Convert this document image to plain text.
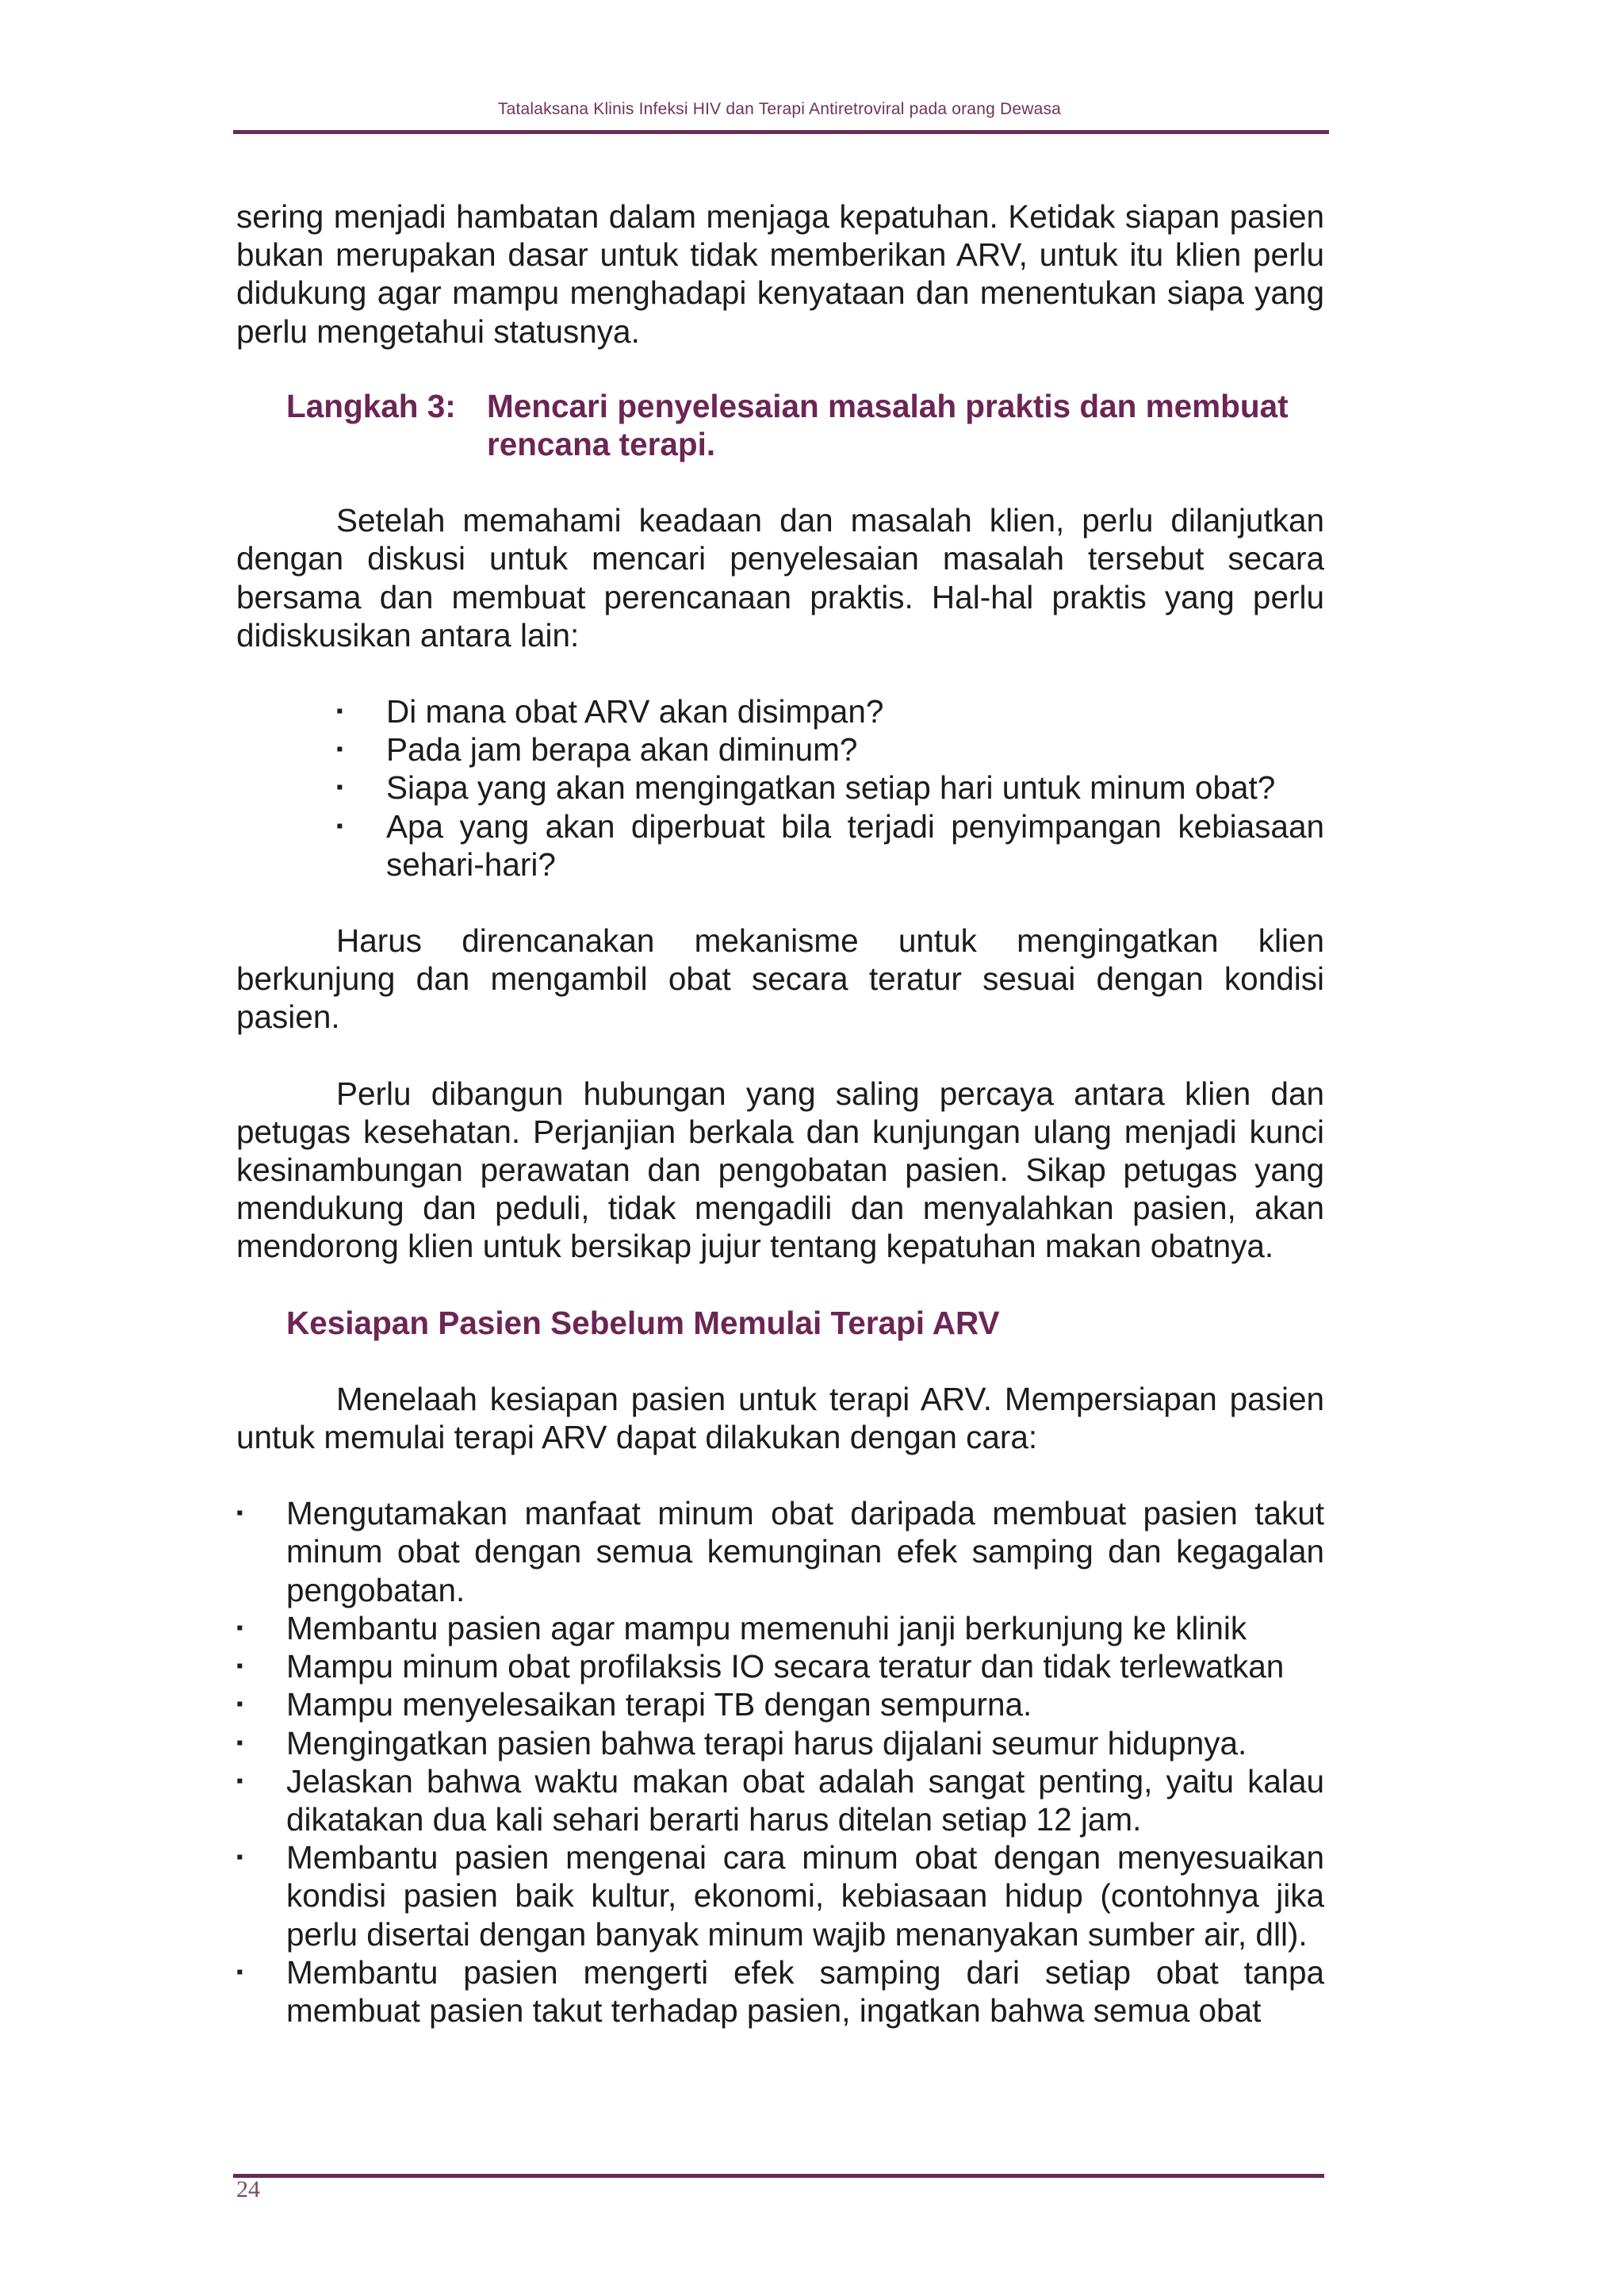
Tatalaksana Klinis Infeksi HIV dan Terapi Antiretroviral pada orang Dewasa

sering menjadi hambatan dalam menjaga kepatuhan. Ketidak siapan pasien bukan merupakan dasar untuk tidak memberikan ARV, untuk itu klien perlu didukung agar mampu menghadapi kenyataan dan menentukan siapa yang perlu mengetahui statusnya.

Langkah 3: Mencari penyelesaian masalah praktis dan membuat rencana terapi.

Setelah memahami keadaan dan masalah klien, perlu dilanjutkan dengan diskusi untuk mencari penyelesaian masalah tersebut secara bersama dan membuat perencanaan praktis. Hal-hal praktis yang perlu didiskusikan antara lain:

▪	Di mana obat ARV akan disimpan?
▪	Pada jam berapa akan diminum?
▪	Siapa yang akan mengingatkan setiap hari untuk minum obat?
▪	Apa yang akan diperbuat bila terjadi penyimpangan kebiasaan sehari-hari?

Harus direncanakan mekanisme untuk mengingatkan klien berkunjung dan mengambil obat secara teratur sesuai dengan kondisi pasien.

Perlu dibangun hubungan yang saling percaya antara klien dan petugas kesehatan. Perjanjian berkala dan kunjungan ulang menjadi kunci kesinambungan perawatan dan pengobatan pasien. Sikap petugas yang mendukung dan peduli, tidak mengadili dan menyalahkan pasien, akan mendorong klien untuk bersikap jujur tentang kepatuhan makan obatnya.

Kesiapan Pasien Sebelum Memulai Terapi ARV

Menelaah kesiapan pasien untuk terapi ARV. Mempersiapan pasien untuk memulai terapi ARV dapat dilakukan dengan cara:

▪	Mengutamakan manfaat minum obat daripada membuat pasien takut minum obat dengan semua kemunginan efek samping dan kegagalan pengobatan.
▪	Membantu pasien agar mampu memenuhi janji berkunjung ke klinik
▪	Mampu minum obat profilaksis IO secara teratur dan tidak terlewatkan
▪	Mampu menyelesaikan terapi TB dengan sempurna.
▪	Mengingatkan pasien bahwa terapi harus dijalani seumur hidupnya.
▪	Jelaskan bahwa waktu makan obat adalah sangat penting, yaitu kalau dikatakan dua kali sehari berarti harus ditelan setiap 12 jam.
▪	Membantu pasien mengenai cara minum obat dengan menyesuaikan kondisi pasien baik kultur, ekonomi, kebiasaan hidup (contohnya jika perlu disertai dengan banyak minum wajib menanyakan sumber air, dll).
▪	Membantu pasien mengerti efek samping dari setiap obat tanpa membuat pasien takut terhadap pasien, ingatkan bahwa semua obat
24
